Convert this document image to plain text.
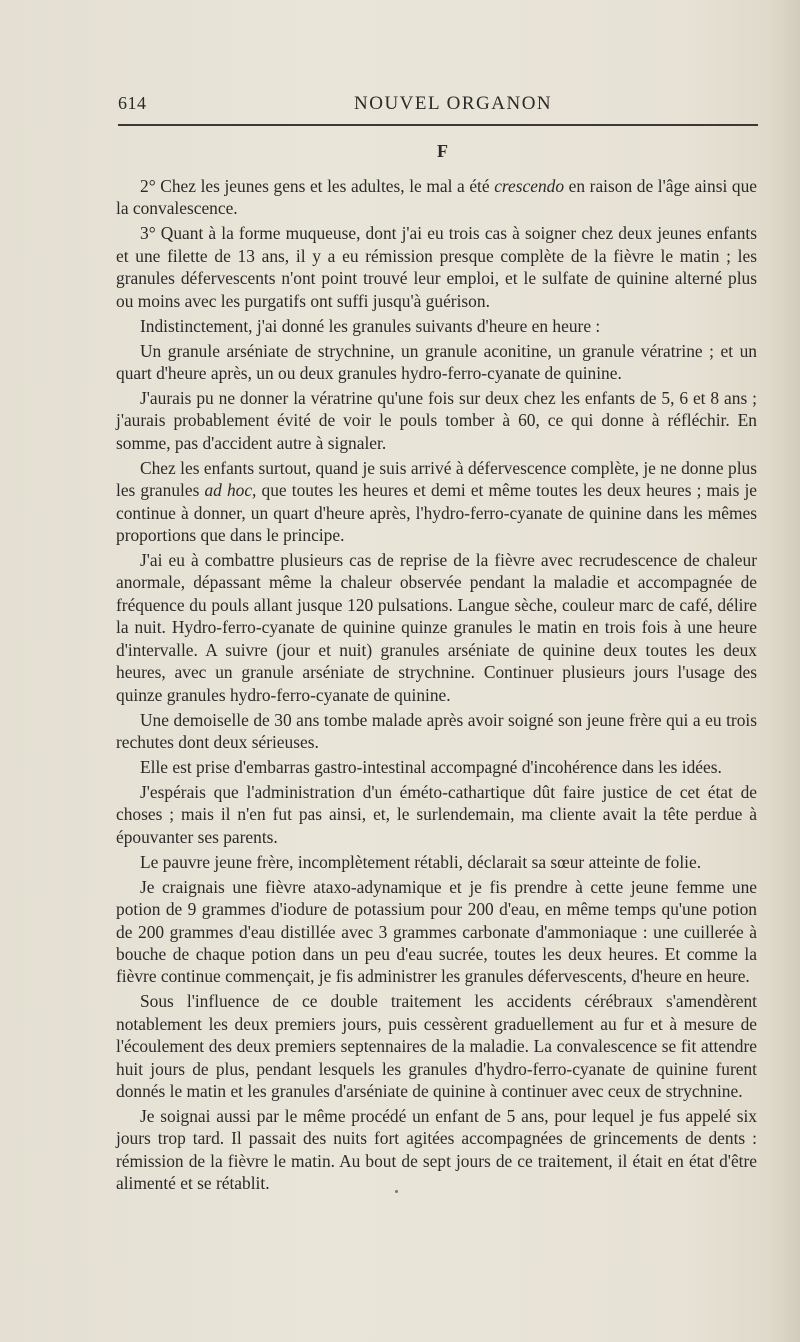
614	NOUVEL ORGANON
F

2° Chez les jeunes gens et les adultes, le mal a été crescendo en raison de l'âge ainsi que la convalescence.

3° Quant à la forme muqueuse, dont j'ai eu trois cas à soigner chez deux jeunes enfants et une filette de 13 ans, il y a eu rémission presque complète de la fièvre le matin ; les granules défervescents n'ont point trouvé leur emploi, et le sulfate de quinine alterné plus ou moins avec les purgatifs ont suffi jusqu'à guérison.

Indistinctement, j'ai donné les granules suivants d'heure en heure :

Un granule arséniate de strychnine, un granule aconitine, un granule vératrine ; et un quart d'heure après, un ou deux granules hydro-ferro-cyanate de quinine.

J'aurais pu ne donner la vératrine qu'une fois sur deux chez les enfants de 5, 6 et 8 ans ; j'aurais probablement évité de voir le pouls tomber à 60, ce qui donne à réfléchir. En somme, pas d'accident autre à signaler.

Chez les enfants surtout, quand je suis arrivé à défervescence complète, je ne donne plus les granules ad hoc, que toutes les heures et demi et même toutes les deux heures ; mais je continue à donner, un quart d'heure après, l'hydro-ferro-cyanate de quinine dans les mêmes proportions que dans le principe.

J'ai eu à combattre plusieurs cas de reprise de la fièvre avec recrudescence de chaleur anormale, dépassant même la chaleur observée pendant la maladie et accompagnée de fréquence du pouls allant jusque 120 pulsations. Langue sèche, couleur marc de café, délire la nuit. Hydro-ferro-cyanate de quinine quinze granules le matin en trois fois à une heure d'intervalle. A suivre (jour et nuit) granules arséniate de quinine deux toutes les deux heures, avec un granule arséniate de strychnine. Continuer plusieurs jours l'usage des quinze granules hydro-ferro-cyanate de quinine.

Une demoiselle de 30 ans tombe malade après avoir soigné son jeune frère qui a eu trois rechutes dont deux sérieuses.

Elle est prise d'embarras gastro-intestinal accompagné d'incohérence dans les idées.

J'espérais que l'administration d'un éméto-cathartique dût faire justice de cet état de choses ; mais il n'en fut pas ainsi, et, le surlendemain, ma cliente avait la tête perdue à épouvanter ses parents.

Le pauvre jeune frère, incomplètement rétabli, déclarait sa sœur atteinte de folie.

Je craignais une fièvre ataxo-adynamique et je fis prendre à cette jeune femme une potion de 9 grammes d'iodure de potassium pour 200 d'eau, en même temps qu'une potion de 200 grammes d'eau distillée avec 3 grammes carbonate d'ammoniaque : une cuillerée à bouche de chaque potion dans un peu d'eau sucrée, toutes les deux heures. Et comme la fièvre continue commençait, je fis administrer les granules défervescents, d'heure en heure.

Sous l'influence de ce double traitement les accidents cérébraux s'amendèrent notablement les deux premiers jours, puis cessèrent graduellement au fur et à mesure de l'écoulement des deux premiers septennaires de la maladie. La convalescence se fit attendre huit jours de plus, pendant lesquels les granules d'hydro-ferro-cyanate de quinine furent donnés le matin et les granules d'arséniate de quinine à continuer avec ceux de strychnine.

Je soignai aussi par le même procédé un enfant de 5 ans, pour lequel je fus appelé six jours trop tard. Il passait des nuits fort agitées accompagnées de grincements de dents : rémission de la fièvre le matin. Au bout de sept jours de ce traitement, il était en état d'être alimenté et se rétablit.
